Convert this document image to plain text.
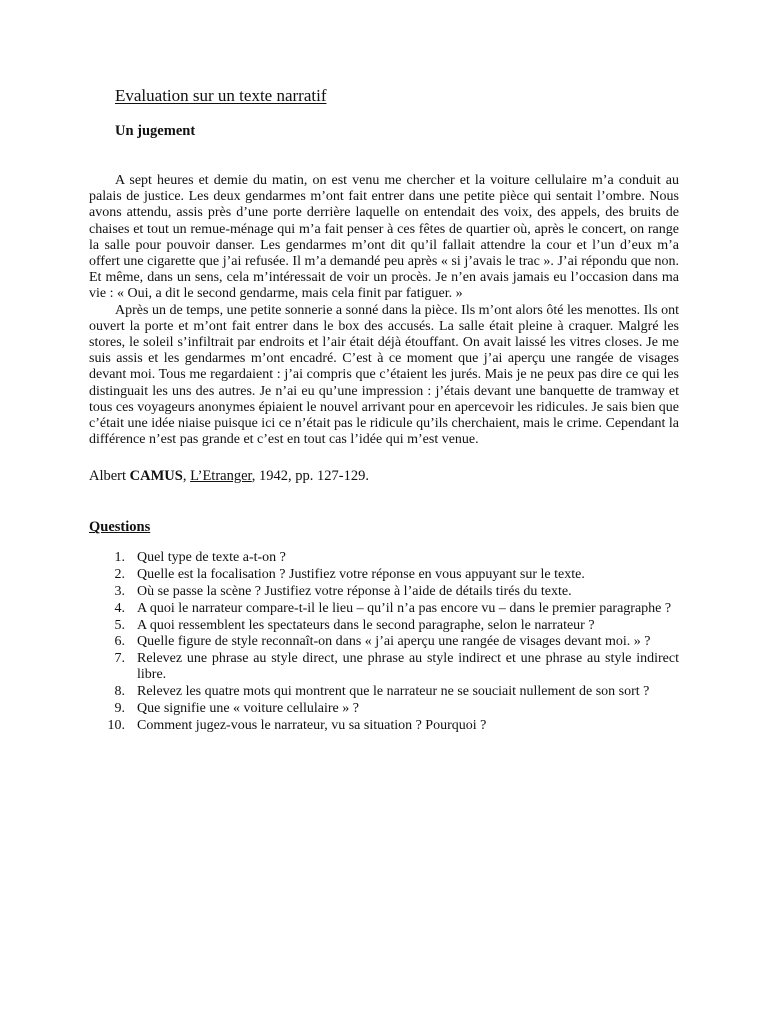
Evaluation sur un texte narratif
Un jugement

A sept heures et demie du matin, on est venu me chercher et la voiture cellulaire m’a conduit au palais de justice. Les deux gendarmes m’ont fait entrer dans une petite pièce qui sentait l’ombre. Nous avons attendu, assis près d’une porte derrière laquelle on entendait des voix, des appels, des bruits de chaises et tout un remue-ménage qui m’a fait penser à ces fêtes de quartier où, après le concert, on range la salle pour pouvoir danser. Les gendarmes m’ont dit qu’il fallait attendre la cour et l’un d’eux m’a offert une cigarette que j’ai refusée. Il m’a demandé peu après « si j’avais le trac ». J’ai répondu que non. Et même, dans un sens, cela m’intéressait de voir un procès. Je n’en avais jamais eu l’occasion dans ma vie : « Oui, a dit le second gendarme, mais cela finit par fatiguer. »

Après un de temps, une petite sonnerie a sonné dans la pièce. Ils m’ont alors ôté les menottes. Ils ont ouvert la porte et m’ont fait entrer dans le box des accusés. La salle était pleine à craquer. Malgré les stores, le soleil s’infiltrait par endroits et l’air était déjà étouffant. On avait laissé les vitres closes. Je me suis assis et les gendarmes m’ont encadré. C’est à ce moment que j’ai aperçu une rangée de visages devant moi. Tous me regardaient : j’ai compris que c’étaient les jurés. Mais je ne peux pas dire ce qui les distinguait les uns des autres. Je n’ai eu qu’une impression : j’étais devant une banquette de tramway et tous ces voyageurs anonymes épiaient le nouvel arrivant pour en apercevoir les ridicules. Je sais bien que c’était une idée niaise puisque ici ce n’était pas le ridicule qu’ils cherchaient, mais le crime. Cependant la différence n’est pas grande et c’est en tout cas l’idée qui m’est venue.

Albert CAMUS, L’Etranger, 1942, pp. 127-129.
Questions
1. Quel type de texte a-t-on ?
2. Quelle est la focalisation ? Justifiez votre réponse en vous appuyant sur le texte.
3. Où se passe la scène ? Justifiez votre réponse à l’aide de détails tirés du texte.
4. A quoi le narrateur compare-t-il le lieu – qu’il n’a pas encore vu – dans le premier paragraphe ?
5. A quoi ressemblent les spectateurs dans le second paragraphe, selon le narrateur ?
6. Quelle figure de style reconnaît-on dans « j’ai aperçu une rangée de visages devant moi. » ?
7. Relevez une phrase au style direct, une phrase au style indirect et une phrase au style indirect libre.
8. Relevez les quatre mots qui montrent que le narrateur ne se souciait nullement de son sort ?
9. Que signifie une « voiture cellulaire » ?
10. Comment jugez-vous le narrateur, vu sa situation ? Pourquoi ?
